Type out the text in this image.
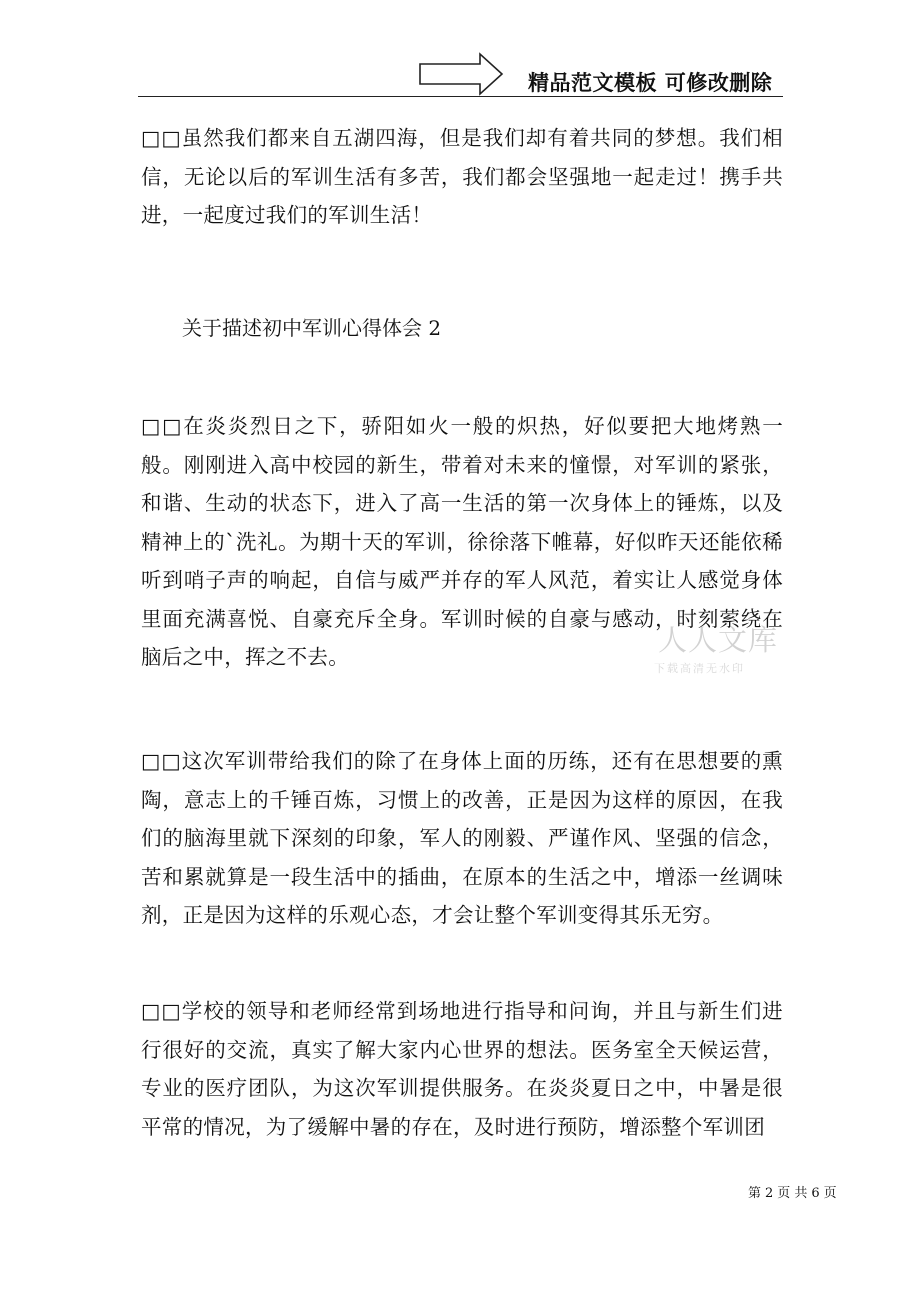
精品范文模板 可修改删除

□□虽然我们都来自五湖四海，但是我们却有着共同的梦想。我们相信，无论以后的军训生活有多苦，我们都会坚强地一起走过！携手共进，一起度过我们的军训生活！

关于描述初中军训心得体会 2

□□在炎炎烈日之下，骄阳如火一般的炽热，好似要把大地烤熟一般。刚刚进入高中校园的新生，带着对未来的憧憬，对军训的紧张，和谐、生动的状态下，进入了高一生活的第一次身体上的锤炼，以及精神上的`洗礼。为期十天的军训，徐徐落下帷幕，好似昨天还能依稀听到哨子声的响起，自信与威严并存的军人风范，着实让人感觉身体里面充满喜悦、自豪充斥全身。军训时候的自豪与感动，时刻萦绕在脑后之中，挥之不去。

□□这次军训带给我们的除了在身体上面的历练，还有在思想要的熏陶，意志上的千锤百炼，习惯上的改善，正是因为这样的原因，在我们的脑海里就下深刻的印象，军人的刚毅、严谨作风、坚强的信念，苦和累就算是一段生活中的插曲，在原本的生活之中，增添一丝调味剂，正是因为这样的乐观心态，才会让整个军训变得其乐无穷。

□□学校的领导和老师经常到场地进行指导和问询，并且与新生们进行很好的交流，真实了解大家内心世界的想法。医务室全天候运营，专业的医疗团队，为这次军训提供服务。在炎炎夏日之中，中暑是很平常的情况，为了缓解中暑的存在，及时进行预防，增添整个军训团

人人文库
下载高清无水印
第 2 页 共 6 页
